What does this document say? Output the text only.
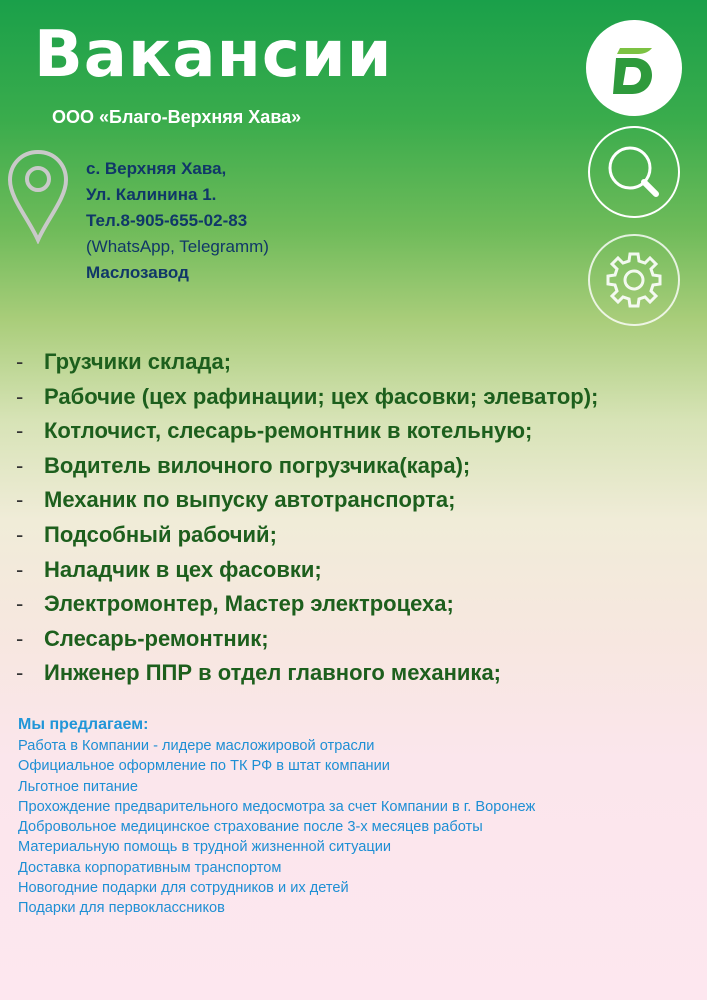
Вакансии
ООО «Благо-Верхняя Хава»
с. Верхняя Хава,
Ул. Калинина 1.
Тел.8-905-655-02-83
(WhatsApp, Telegramm)
Маслозавод
- Грузчики склада;
- Рабочие (цех рафинации; цех фасовки; элеватор);
- Котлочист, слесарь-ремонтник в котельную;
- Водитель вилочного погрузчика(кара);
- Механик по выпуску автотранспорта;
- Подсобный рабочий;
- Наладчик в цех фасовки;
- Электромонтер, Мастер электроцеха;
- Слесарь-ремонтник;
- Инженер ППР в отдел главного механика;
Мы предлагаем:
Работа в Компании - лидере масложировой отрасли
Официальное оформление по ТК РФ в штат компании
Льготное питание
Прохождение предварительного медосмотра за счет Компании в г. Воронеж
Добровольное медицинское страхование после 3-х месяцев работы
Материальную помощь в трудной жизненной ситуации
Доставка корпоративным транспортом
Новогодние подарки для сотрудников и их детей
Подарки для первоклассников
